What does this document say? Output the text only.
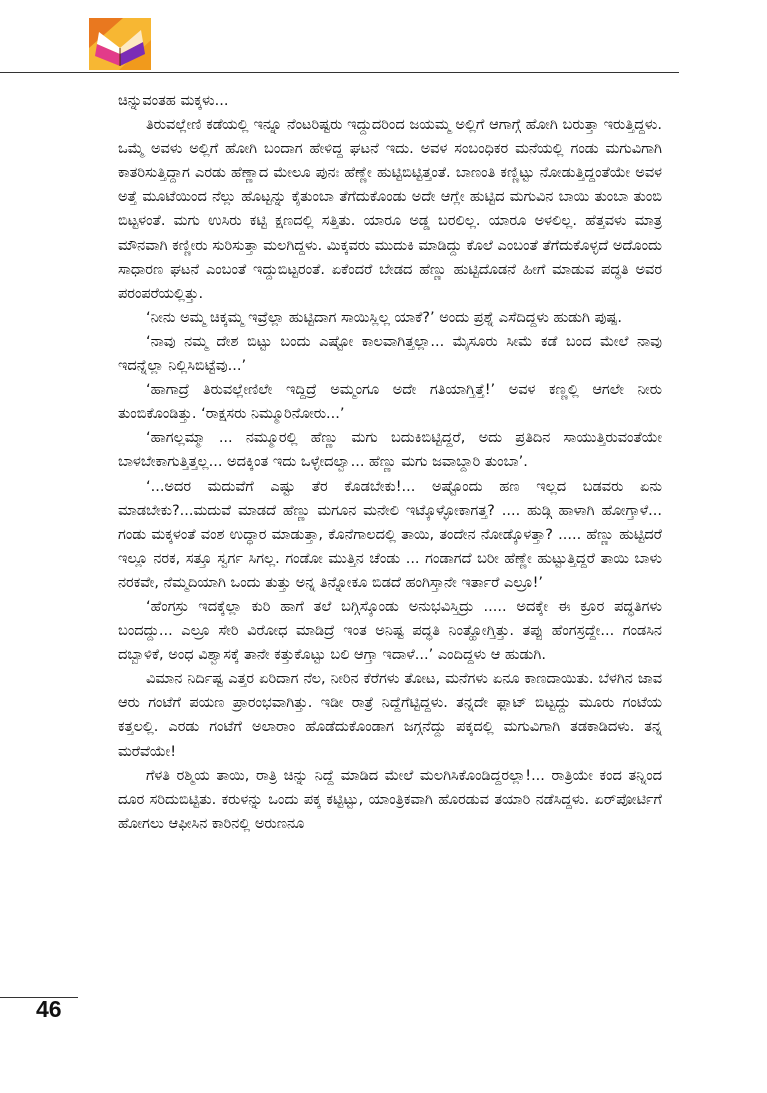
ಚಿನ್ನುವಂತಹ ಮಕ್ಕಳು...

ತಿರುವಲ್ಲೇಣಿ ಕಡೆಯಲ್ಲಿ ಇನ್ನೂ ನೆಂಟರಿಷ್ಟರು ಇದ್ದುದರಿಂದ ಜಯಮ್ಮ ಅಲ್ಲಿಗೆ ಆಗಾಗ್ಗೆ ಹೋಗಿ ಬರುತ್ತಾ ಇರುತ್ತಿದ್ದಳು. ಒಮ್ಮೆ ಅವಳು ಅಲ್ಲಿಗೆ ಹೋಗಿ ಬಂದಾಗ ಹೇಳಿದ್ದ ಘಟನೆ ಇದು. ಅವಳ ಸಂಬಂಧಿಕರ ಮನೆಯಲ್ಲಿ ಗಂಡು ಮಗುವಿಗಾಗಿ ಕಾತರಿಸುತ್ತಿದ್ದಾಗ ಎರಡು ಹೆಣ್ಣಾದ ಮೇಲೂ ಪುನಃ ಹೆಣ್ಣೇ ಹುಟ್ಟಿಬಿಟ್ಟಿತ್ತಂತೆ. ಬಾಣಂತಿ ಕಣ್ಣಿಟ್ಟು ನೋಡುತ್ತಿದ್ದಂತೆಯೇ ಅವಳ ಅತ್ತೆ ಮೂಟೆಯಿಂದ ನೆಲ್ಲು ಹೊಟ್ಟನ್ನು ಕೈತುಂಬಾ ತೆಗೆದುಕೊಂಡು ಅದೇ ಆಗ್ಲೇ ಹುಟ್ಟಿದ ಮಗುವಿನ ಬಾಯಿ ತುಂಬಾ ತುಂಬಿ ಬಿಟ್ಟಳಂತೆ. ಮಗು ಉಸಿರು ಕಟ್ಟಿ ಕ್ಷಣದಲ್ಲಿ ಸತ್ತಿತು. ಯಾರೂ ಅಡ್ಡ ಬರಲಿಲ್ಲ. ಯಾರೂ ಅಳಲಿಲ್ಲ. ಹೆತ್ತವಳು ಮಾತ್ರ ಮೌನವಾಗಿ ಕಣ್ಣೀರು ಸುರಿಸುತ್ತಾ ಮಲಗಿದ್ದಳು. ಮಿಕ್ಕವರು ಮುದುಕಿ ಮಾಡಿದ್ದು ಕೊಲೆ ಎಂಬಂತೆ ತೆಗೆದುಕೊಳ್ಳದೆ ಅದೊಂದು ಸಾಧಾರಣ ಘಟನೆ ಎಂಬಂತೆ ಇದ್ದುಬಿಟ್ಟರಂತೆ. ಏಕೆಂದರೆ ಬೇಡದ ಹೆಣ್ಣು ಹುಟ್ಟಿದೊಡನೆ ಹೀಗೆ ಮಾಡುವ ಪದ್ಧತಿ ಅವರ ಪರಂಪರೆಯಲ್ಲಿತ್ತು.

‘ನೀನು ಅಮ್ಮ ಚಿಕ್ಕಮ್ಮ ಇವ್ರೆಲ್ಲಾ ಹುಟ್ಟಿದಾಗ ಸಾಯಿಸ್ಲಿಲ್ಲ ಯಾಕೆ?’ ಅಂದು ಪ್ರಶ್ನೆ ಎಸೆದಿದ್ದಳು ಹುಡುಗಿ ಪುಷ್ಪ.

‘ನಾವು ನಮ್ಮ ದೇಶ ಬಿಟ್ಟು ಬಂದು ಎಷ್ಟೋ ಕಾಲವಾಗಿತ್ತಲ್ಲಾ... ಮೈಸೂರು ಸೀಮೆ ಕಡೆ ಬಂದ ಮೇಲೆ ನಾವು ಇದನ್ನೆಲ್ಲಾ ನಿಲ್ಲಿಸಿಬಿಟ್ಟೆವು...’

‘ಹಾಗಾದ್ರೆ ತಿರುವಲ್ಲೇಣಿಲೇ ಇದ್ದಿದ್ರೆ ಅಮ್ಮಂಗೂ ಅದೇ ಗತಿಯಾಗ್ತಿತ್ತೆ!’ ಅವಳ ಕಣ್ಣಲ್ಲಿ ಆಗಲೇ ನೀರು ತುಂಬಿಕೊಂಡಿತ್ತು. ‘ರಾಕ್ಷಸರು ನಿಮ್ಮೂರಿನೋರು...’

‘ಹಾಗಲ್ಲಮ್ಮಾ ... ನಮ್ಮೂರಲ್ಲಿ ಹೆಣ್ಣು ಮಗು ಬದುಕಿಬಿಟ್ಟಿದ್ದರೆ, ಅದು ಪ್ರತಿದಿನ ಸಾಯುತ್ತಿರುವಂತೆಯೇ ಬಾಳಬೇಕಾಗುತ್ತಿತ್ತಲ್ಲ... ಅದಕ್ಕಿಂತ ಇದು ಒಳ್ಳೇದಲ್ವಾ... ಹೆಣ್ಣು ಮಗು ಜವಾಬ್ದಾರಿ ತುಂಬಾ’.

‘...ಅದರ ಮದುವೆಗೆ ಎಷ್ಟು ತೆರ ಕೊಡಬೇಕು!... ಅಷ್ಟೊಂದು ಹಣ ಇಲ್ಲದ ಬಡವರು ಏನು ಮಾಡಬೇಕು?...ಮದುವೆ ಮಾಡದೆ ಹೆಣ್ಣು ಮಗೂನ ಮನೇಲಿ ಇಟ್ಕೊಳ್ಳೋಕಾಗತ್ತ? .... ಹುಡ್ಗಿ ಹಾಳಾಗಿ ಹೋಗ್ತಾಳೆ... ಗಂಡು ಮಕ್ಕಳಂತೆ ವಂಶ ಉದ್ಧಾರ ಮಾಡುತ್ತಾ, ಕೊನೆಗಾಲದಲ್ಲಿ ತಾಯಿ, ತಂದೇನ ನೋಡ್ಕೊಳತ್ತಾ? ..... ಹೆಣ್ಣು ಹುಟ್ಟಿದರೆ ಇಲ್ಲೂ ನರಕ, ಸತ್ತೂ ಸ್ವರ್ಗ ಸಿಗಲ್ಲ. ಗಂಡೋ ಮುತ್ತಿನ ಚೆಂಡು ... ಗಂಡಾಗದೆ ಬರೀ ಹೆಣ್ಣೇ ಹುಟ್ಟುತ್ತಿದ್ದರೆ ತಾಯಿ ಬಾಳು ನರಕವೇ, ನೆಮ್ಮದಿಯಾಗಿ ಒಂದು ತುತ್ತು ಅನ್ನ ತಿನ್ನೋಕೂ ಬಿಡದೆ ಹಂಗಿಸ್ತಾನೇ ಇರ್ತಾರೆ ಎಲ್ರೂ!’

‘ಹೆಂಗಸ್ರು ಇದಕ್ಕೆಲ್ಲಾ ಕುರಿ ಹಾಗೆ ತಲೆ ಬಗ್ಗಿಸ್ಕೊಂಡು ಅನುಭವಿಸ್ತಿದ್ರು ..... ಅದಕ್ಕೇ ಈ ಕ್ರೂರ ಪದ್ಧತಿಗಳು ಬಂದದ್ದು... ಎಲ್ರೂ ಸೇರಿ ವಿರೋಧ ಮಾಡಿದ್ರೆ ಇಂತ ಅನಿಷ್ಟ ಪದ್ಧತಿ ನಿಂತ್ಹೋಗ್ತಿತ್ತು. ತಪ್ಪು ಹೆಂಗಸ್ರದ್ದೇ... ಗಂಡಸಿನ ದಬ್ಬಾಳಿಕೆ, ಅಂಧ ವಿಶ್ವಾಸಕ್ಕೆ ತಾನೇ ಕತ್ತುಕೊಟ್ಟು ಬಲಿ ಆಗ್ತಾ ಇದಾಳೆ...’ ಎಂದಿದ್ದಳು ಆ ಹುಡುಗಿ.

ವಿಮಾನ ನಿರ್ದಿಷ್ಟ ಎತ್ತರ ಏರಿದಾಗ ನೆಲ, ನೀರಿನ ಕೆರೆಗಳು ತೋಟ, ಮನೆಗಳು ಏನೂ ಕಾಣದಾಯಿತು. ಬೆಳಗಿನ ಜಾವ ಆರು ಗಂಟೆಗೆ ಪಯಣ ಪ್ರಾರಂಭವಾಗಿತ್ತು. ಇಡೀ ರಾತ್ರೆ ನಿದ್ದೆಗೆಟ್ಟಿದ್ದಳು. ತನ್ನದೇ ಫ್ಲಾಟ್ ಬಿಟ್ಟದ್ದು ಮೂರು ಗಂಟೆಯ ಕತ್ತಲಲ್ಲಿ. ಎರಡು ಗಂಟೆಗೆ ಅಲಾರಾಂ ಹೊಡೆದುಕೊಂಡಾಗ ಜಗ್ಗನೆದ್ದು ಪಕ್ಕದಲ್ಲಿ ಮಗುವಿಗಾಗಿ ತಡಕಾಡಿದಳು. ತನ್ನ ಮರೆವೆಯೇ!

ಗೆಳತಿ ರಶ್ಮಿಯ ತಾಯಿ, ರಾತ್ರಿ ಚಿನ್ನು ನಿದ್ದೆ ಮಾಡಿದ ಮೇಲೆ ಮಲಗಿಸಿಕೊಂಡಿದ್ದರಲ್ಲಾ!... ರಾತ್ರಿಯೇ ಕಂದ ತನ್ನಿಂದ ದೂರ ಸರಿದುಬಿಟ್ಟಿತು. ಕರುಳನ್ನು ಒಂದು ಪಕ್ಕ ಕಟ್ಟಿಟ್ಟು, ಯಾಂತ್ರಿಕವಾಗಿ ಹೊರಡುವ ತಯಾರಿ ನಡೆಸಿದ್ದಳು. ಏರ್‌ಪೋರ್ಟಿಗೆ ಹೋಗಲು ಆಫೀಸಿನ ಕಾರಿನಲ್ಲಿ ಅರುಣನೂ

46
